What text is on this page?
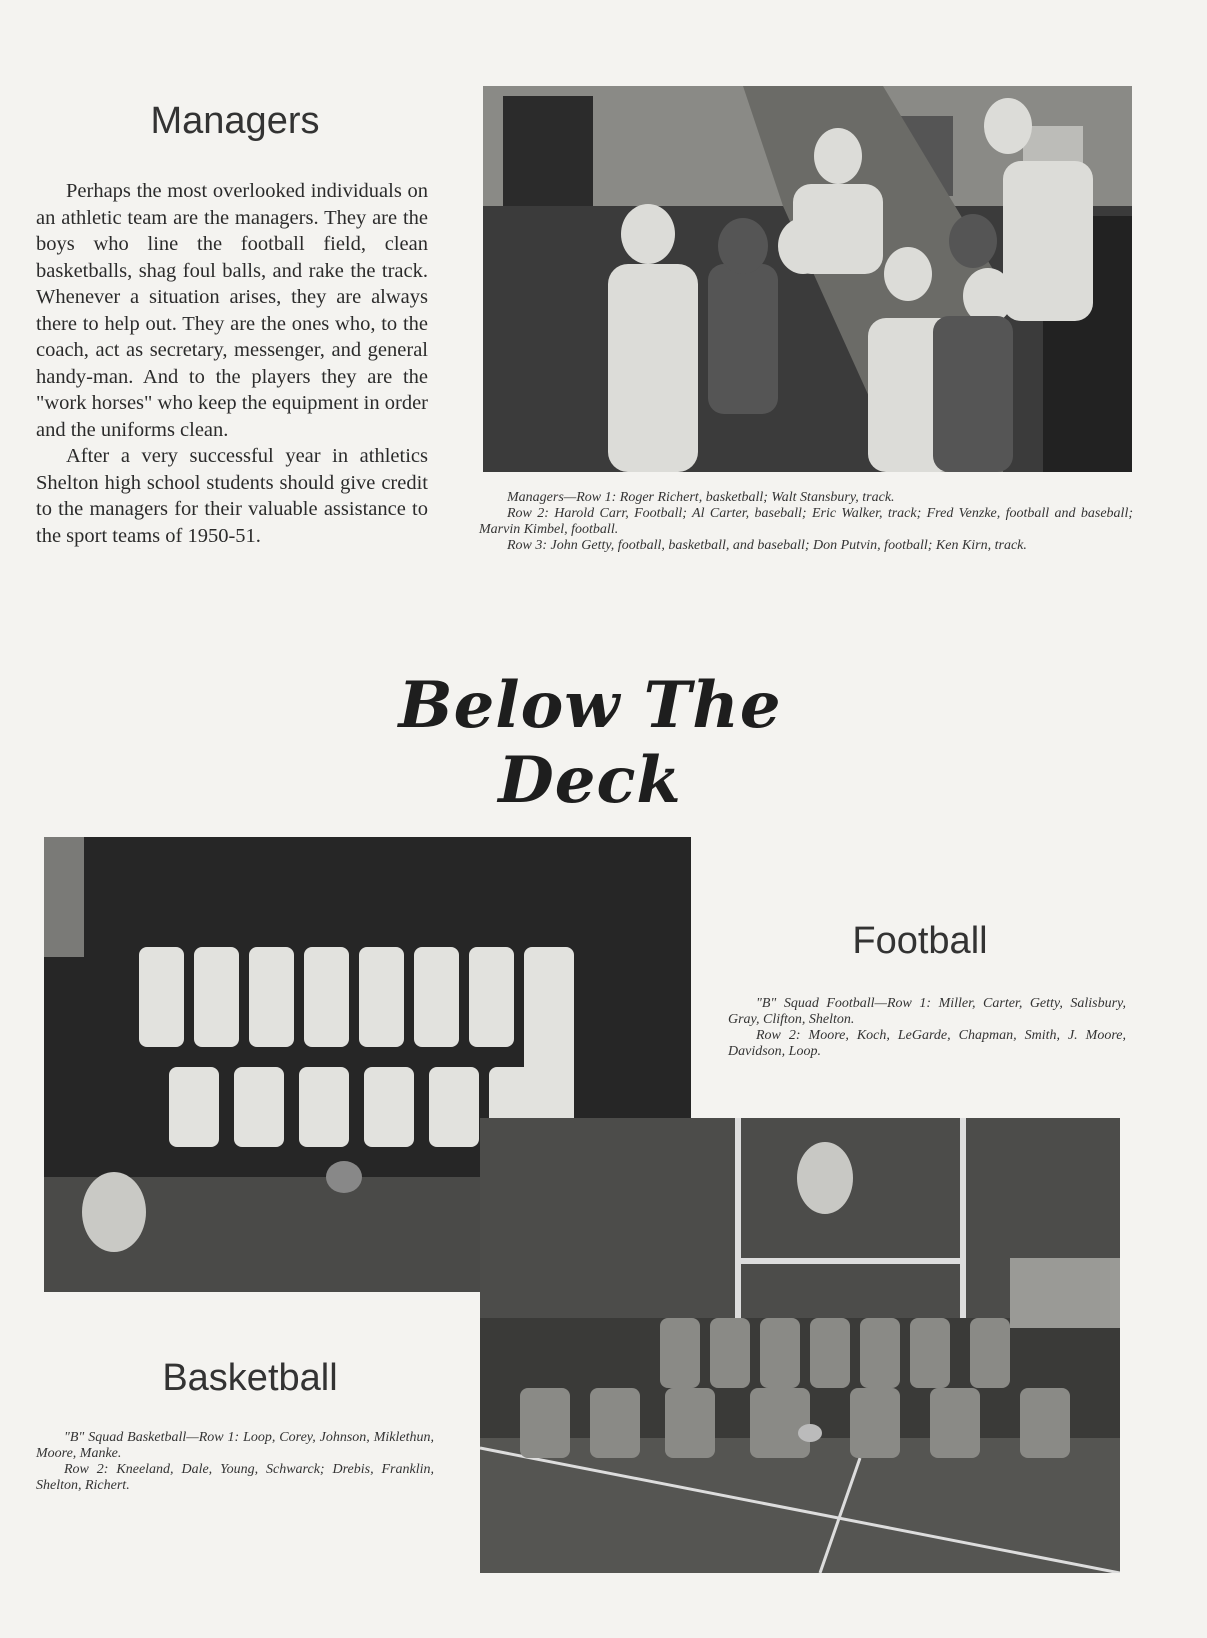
Managers

Perhaps the most overlooked individuals on an athletic team are the managers. They are the boys who line the football field, clean basketballs, shag foul balls, and rake the track. Whenever a situation arises, they are always there to help out. They are the ones who, to the coach, act as secretary, messenger, and general handy-man. And to the players they are the "work horses" who keep the equipment in order and the uniforms clean.

After a very successful year in athletics Shelton high school students should give credit to the managers for their valuable assistance to the sport teams of 1950-51.

Managers—Row 1: Roger Richert, basketball; Walt Stansbury, track.

Row 2: Harold Carr, Football; Al Carter, baseball; Eric Walker, track; Fred Venzke, football and baseball; Marvin Kimbel, football.

Row 3: John Getty, football, basketball, and baseball; Don Putvin, football; Ken Kirn, track.

Below The Deck
Football

"B" Squad Football—Row 1: Miller, Carter, Getty, Salisbury, Gray, Clifton, Shelton.

Row 2: Moore, Koch, LeGarde, Chapman, Smith, J. Moore, Davidson, Loop.

Basketball

"B" Squad Basketball—Row 1: Loop, Corey, Johnson, Miklethun, Moore, Manke.

Row 2: Kneeland, Dale, Young, Schwarck; Drebis, Franklin, Shelton, Richert.
